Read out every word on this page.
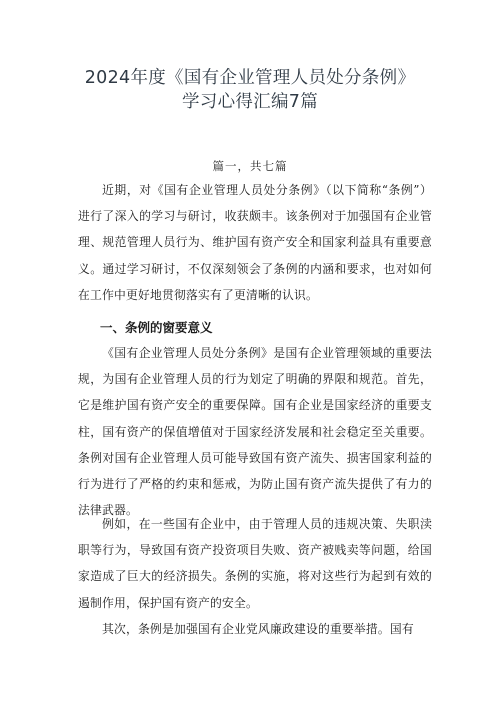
2024年度《国有企业管理人员处分条例》
学习心得汇编7篇
篇一，共七篇

近期，对《国有企业管理人员处分条例》（以下简称“条例”）进行了深入的学习与研讨，收获颇丰。该条例对于加强国有企业管理、规范管理人员行为、维护国有资产安全和国家利益具有重要意义。通过学习研讨，不仅深刻领会了条例的内涵和要求，也对如何在工作中更好地贯彻落实有了更清晰的认识。

一、条例的窗要意义

《国有企业管理人员处分条例》是国有企业管理领域的重要法规，为国有企业管理人员的行为划定了明确的界限和规范。首先，它是维护国有资产安全的重要保障。国有企业是国家经济的重要支柱，国有资产的保值增值对于国家经济发展和社会稳定至关重要。条例对国有企业管理人员可能导致国有资产流失、损害国家利益的行为进行了严格的约束和惩戒，为防止国有资产流失提供了有力的法律武器。

例如，在一些国有企业中，由于管理人员的违规决策、失职渎职等行为，导致国有资产投资项目失败、资产被贱卖等问题，给国家造成了巨大的经济损失。条例的实施，将对这些行为起到有效的遏制作用，保护国有资产的安全。

其次，条例是加强国有企业党风廉政建设的重要举措。国有
